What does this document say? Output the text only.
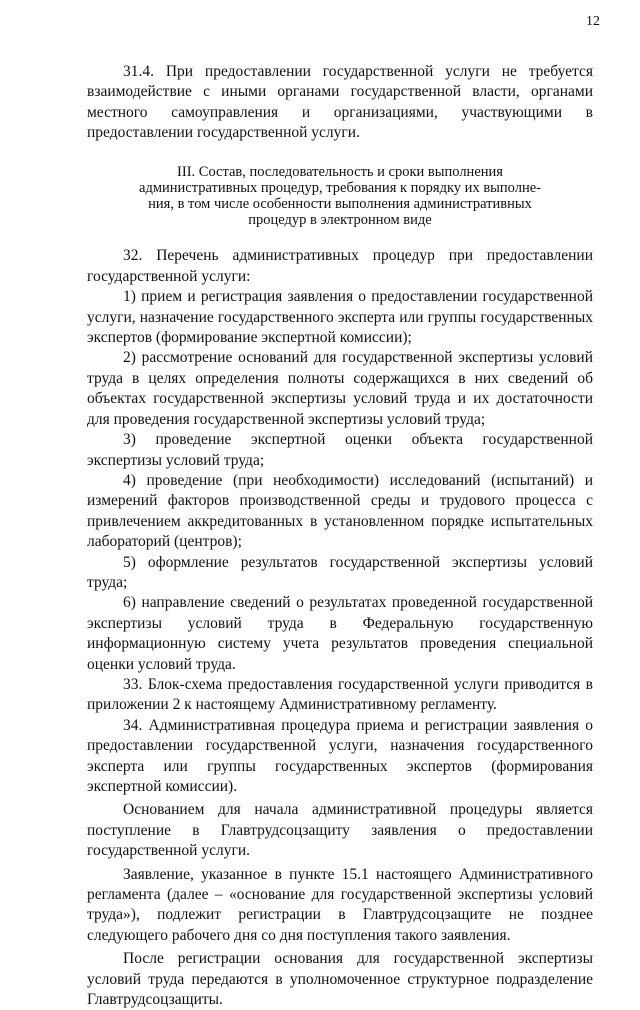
12

31.4. При предоставлении государственной услуги не требуется взаимодействие с иными органами государственной власти, органами местного самоуправления и организациями, участвующими в предоставлении государственной услуги.

III. Состав, последовательность и сроки выполнения
административных процедур, требования к порядку их выполне-
ния, в том числе особенности выполнения административных
процедур в электронном виде

32. Перечень административных процедур при предоставлении государственной услуги:

1) прием и регистрация заявления о предоставлении государственной услуги, назначение государственного эксперта или группы государственных экспертов (формирование экспертной комиссии);

2) рассмотрение оснований для государственной экспертизы условий труда в целях определения полноты содержащихся в них сведений об объектах государственной экспертизы условий труда и их достаточности для проведения государственной экспертизы условий труда;

3) проведение экспертной оценки объекта государственной экспертизы условий труда;

4) проведение (при необходимости) исследований (испытаний) и измерений факторов производственной среды и трудового процесса с привлечением аккредитованных в установленном порядке испытательных лабораторий (центров);

5) оформление результатов государственной экспертизы условий труда;

6) направление сведений о результатах проведенной государственной экспертизы условий труда в Федеральную государственную информационную систему учета результатов проведения специальной оценки условий труда.

33. Блок-схема предоставления государственной услуги приводится в приложении 2 к настоящему Административному регламенту.

34. Административная процедура приема и регистрации заявления о предоставлении государственной услуги, назначения государственного эксперта или группы государственных экспертов (формирования экспертной комиссии).

Основанием для начала административной процедуры является поступление в Главтрудсоцзащиту заявления о предоставлении государственной услуги.

Заявление, указанное в пункте 15.1 настоящего Административного регламента (далее – «основание для государственной экспертизы условий труда»), подлежит регистрации в Главтрудсоцзащите не позднее следующего рабочего дня со дня поступления такого заявления.

После регистрации основания для государственной экспертизы условий труда передаются в уполномоченное структурное подразделение Главтрудсоцзащиты.
